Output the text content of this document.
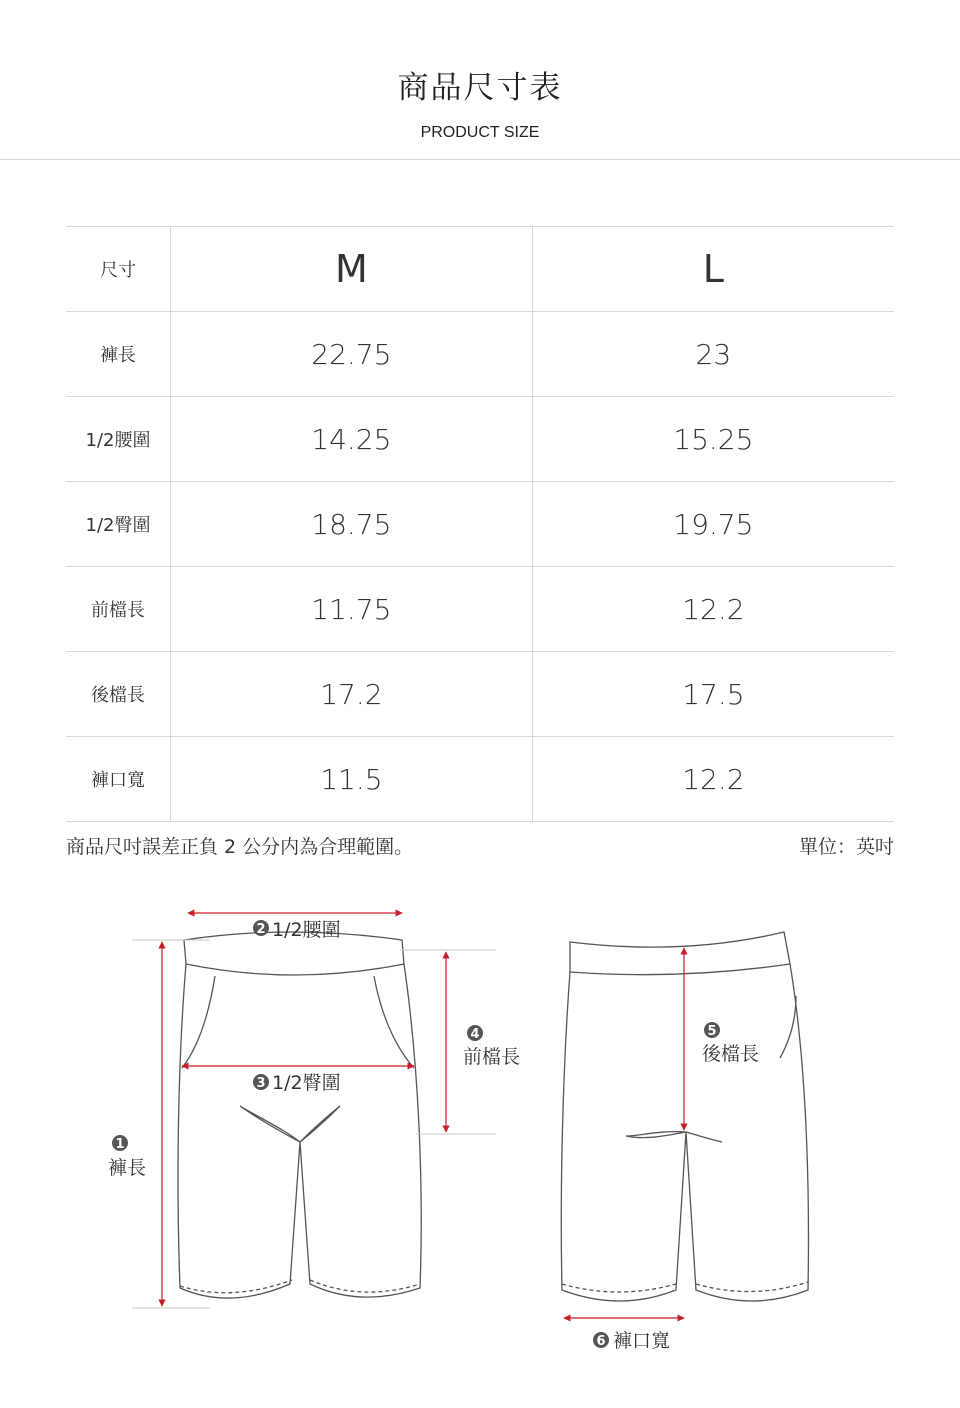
商品尺寸表
PRODUCT SIZE
尺寸	M	L
褲長	22.75	23
1/2腰圍	14.25	15.25
1/2臀圍	18.75	19.75
前檔長	11.75	12.2
後檔長	17.2	17.5
褲口寬	11.5	12.2
商品尺吋誤差正負 2 公分内為合理範圍。	單位：英吋
2 1/2腰圍
3 1/2臀圍
1
褲長
4
前檔長
5
後檔長
6 褲口寬
